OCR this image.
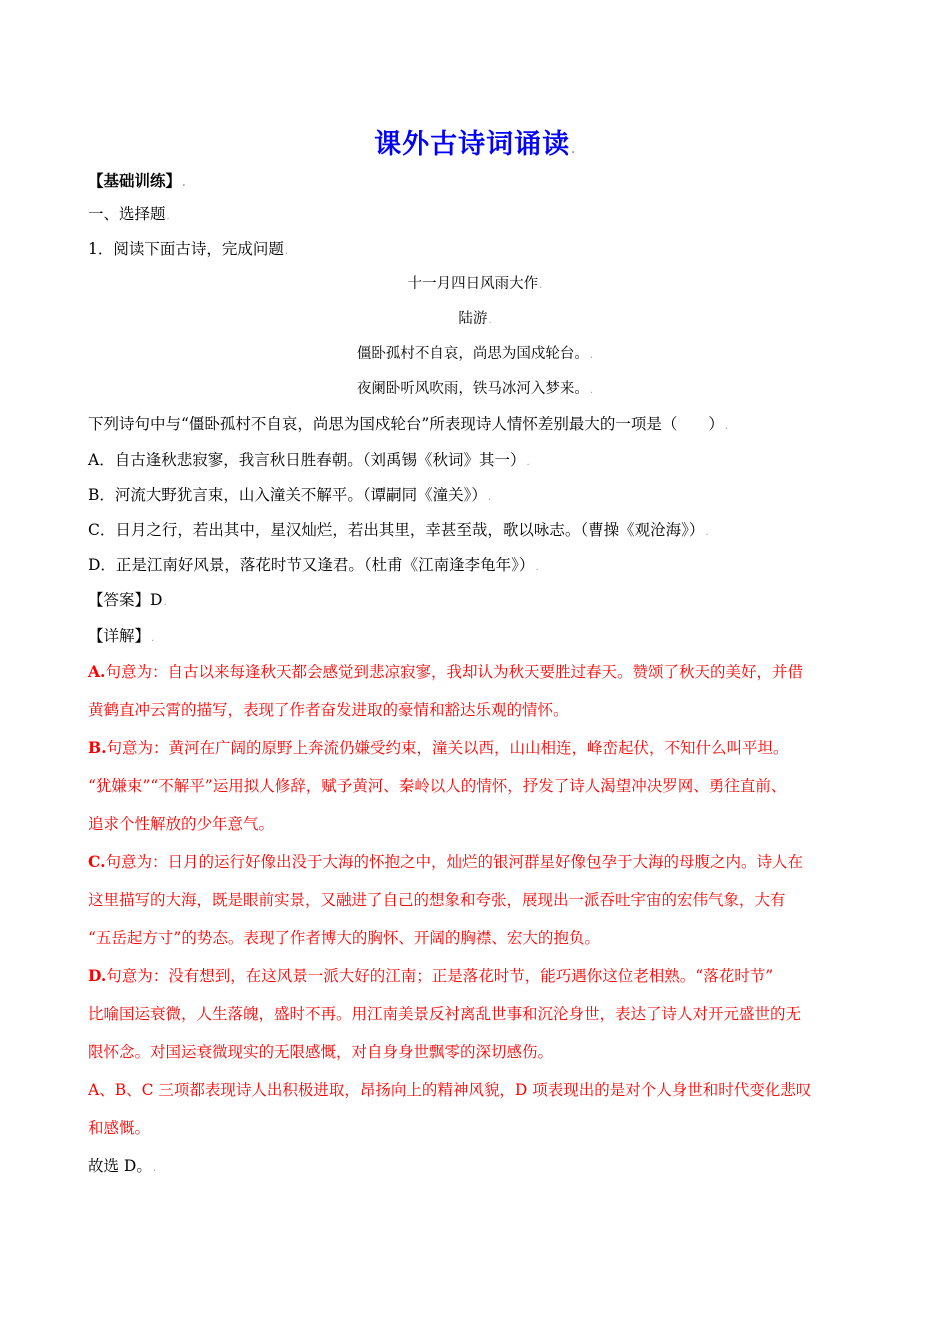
课外古诗词诵读.
【基础训练】.
一、选择题.
1．阅读下面古诗，完成问题.
十一月四日风雨大作.
陆游.
僵卧孤村不自哀，尚思为国戍轮台。.
夜阑卧听风吹雨，铁马冰河入梦来。.
下列诗句中与“僵卧孤村不自哀，尚思为国戍轮台”所表现诗人情怀差别最大的一项是（　　）.
A．自古逢秋悲寂寥，我言秋日胜春朝。（刘禹锡《秋词》其一）.
B．河流大野犹言束，山入潼关不解平。（谭嗣同《潼关》）.
C．日月之行，若出其中，星汉灿烂，若出其里，幸甚至哉，歌以咏志。（曹操《观沧海》）.
D．正是江南好风景，落花时节又逢君。（杜甫《江南逢李龟年》）.
【答案】D.
【详解】.
A.句意为：自古以来每逢秋天都会感觉到悲凉寂寥，我却认为秋天要胜过春天。赞颂了秋天的美好，并借
黄鹤直冲云霄的描写，表现了作者奋发进取的豪情和豁达乐观的情怀。
B.句意为：黄河在广阔的原野上奔流仍嫌受约束，潼关以西，山山相连，峰峦起伏，不知什么叫平坦。
“犹嫌束”“不解平”运用拟人修辞，赋予黄河、秦岭以人的情怀，抒发了诗人渴望冲决罗网、勇往直前、
追求个性解放的少年意气。
C.句意为：日月的运行好像出没于大海的怀抱之中，灿烂的银河群星好像包孕于大海的母腹之内。诗人在
这里描写的大海，既是眼前实景，又融进了自己的想象和夸张，展现出一派吞吐宇宙的宏伟气象，大有
“五岳起方寸”的势态。表现了作者博大的胸怀、开阔的胸襟、宏大的抱负。
D.句意为：没有想到，在这风景一派大好的江南；正是落花时节，能巧遇你这位老相熟。“落花时节”
比喻国运衰微，人生落魄，盛时不再。用江南美景反衬离乱世事和沉沦身世，表达了诗人对开元盛世的无
限怀念。对国运衰微现实的无限感慨，对自身身世飘零的深切感伤。
A、B、C 三项都表现诗人出积极进取，昂扬向上的精神风貌，D 项表现出的是对个人身世和时代变化悲叹
和感慨。
故选 D。.
